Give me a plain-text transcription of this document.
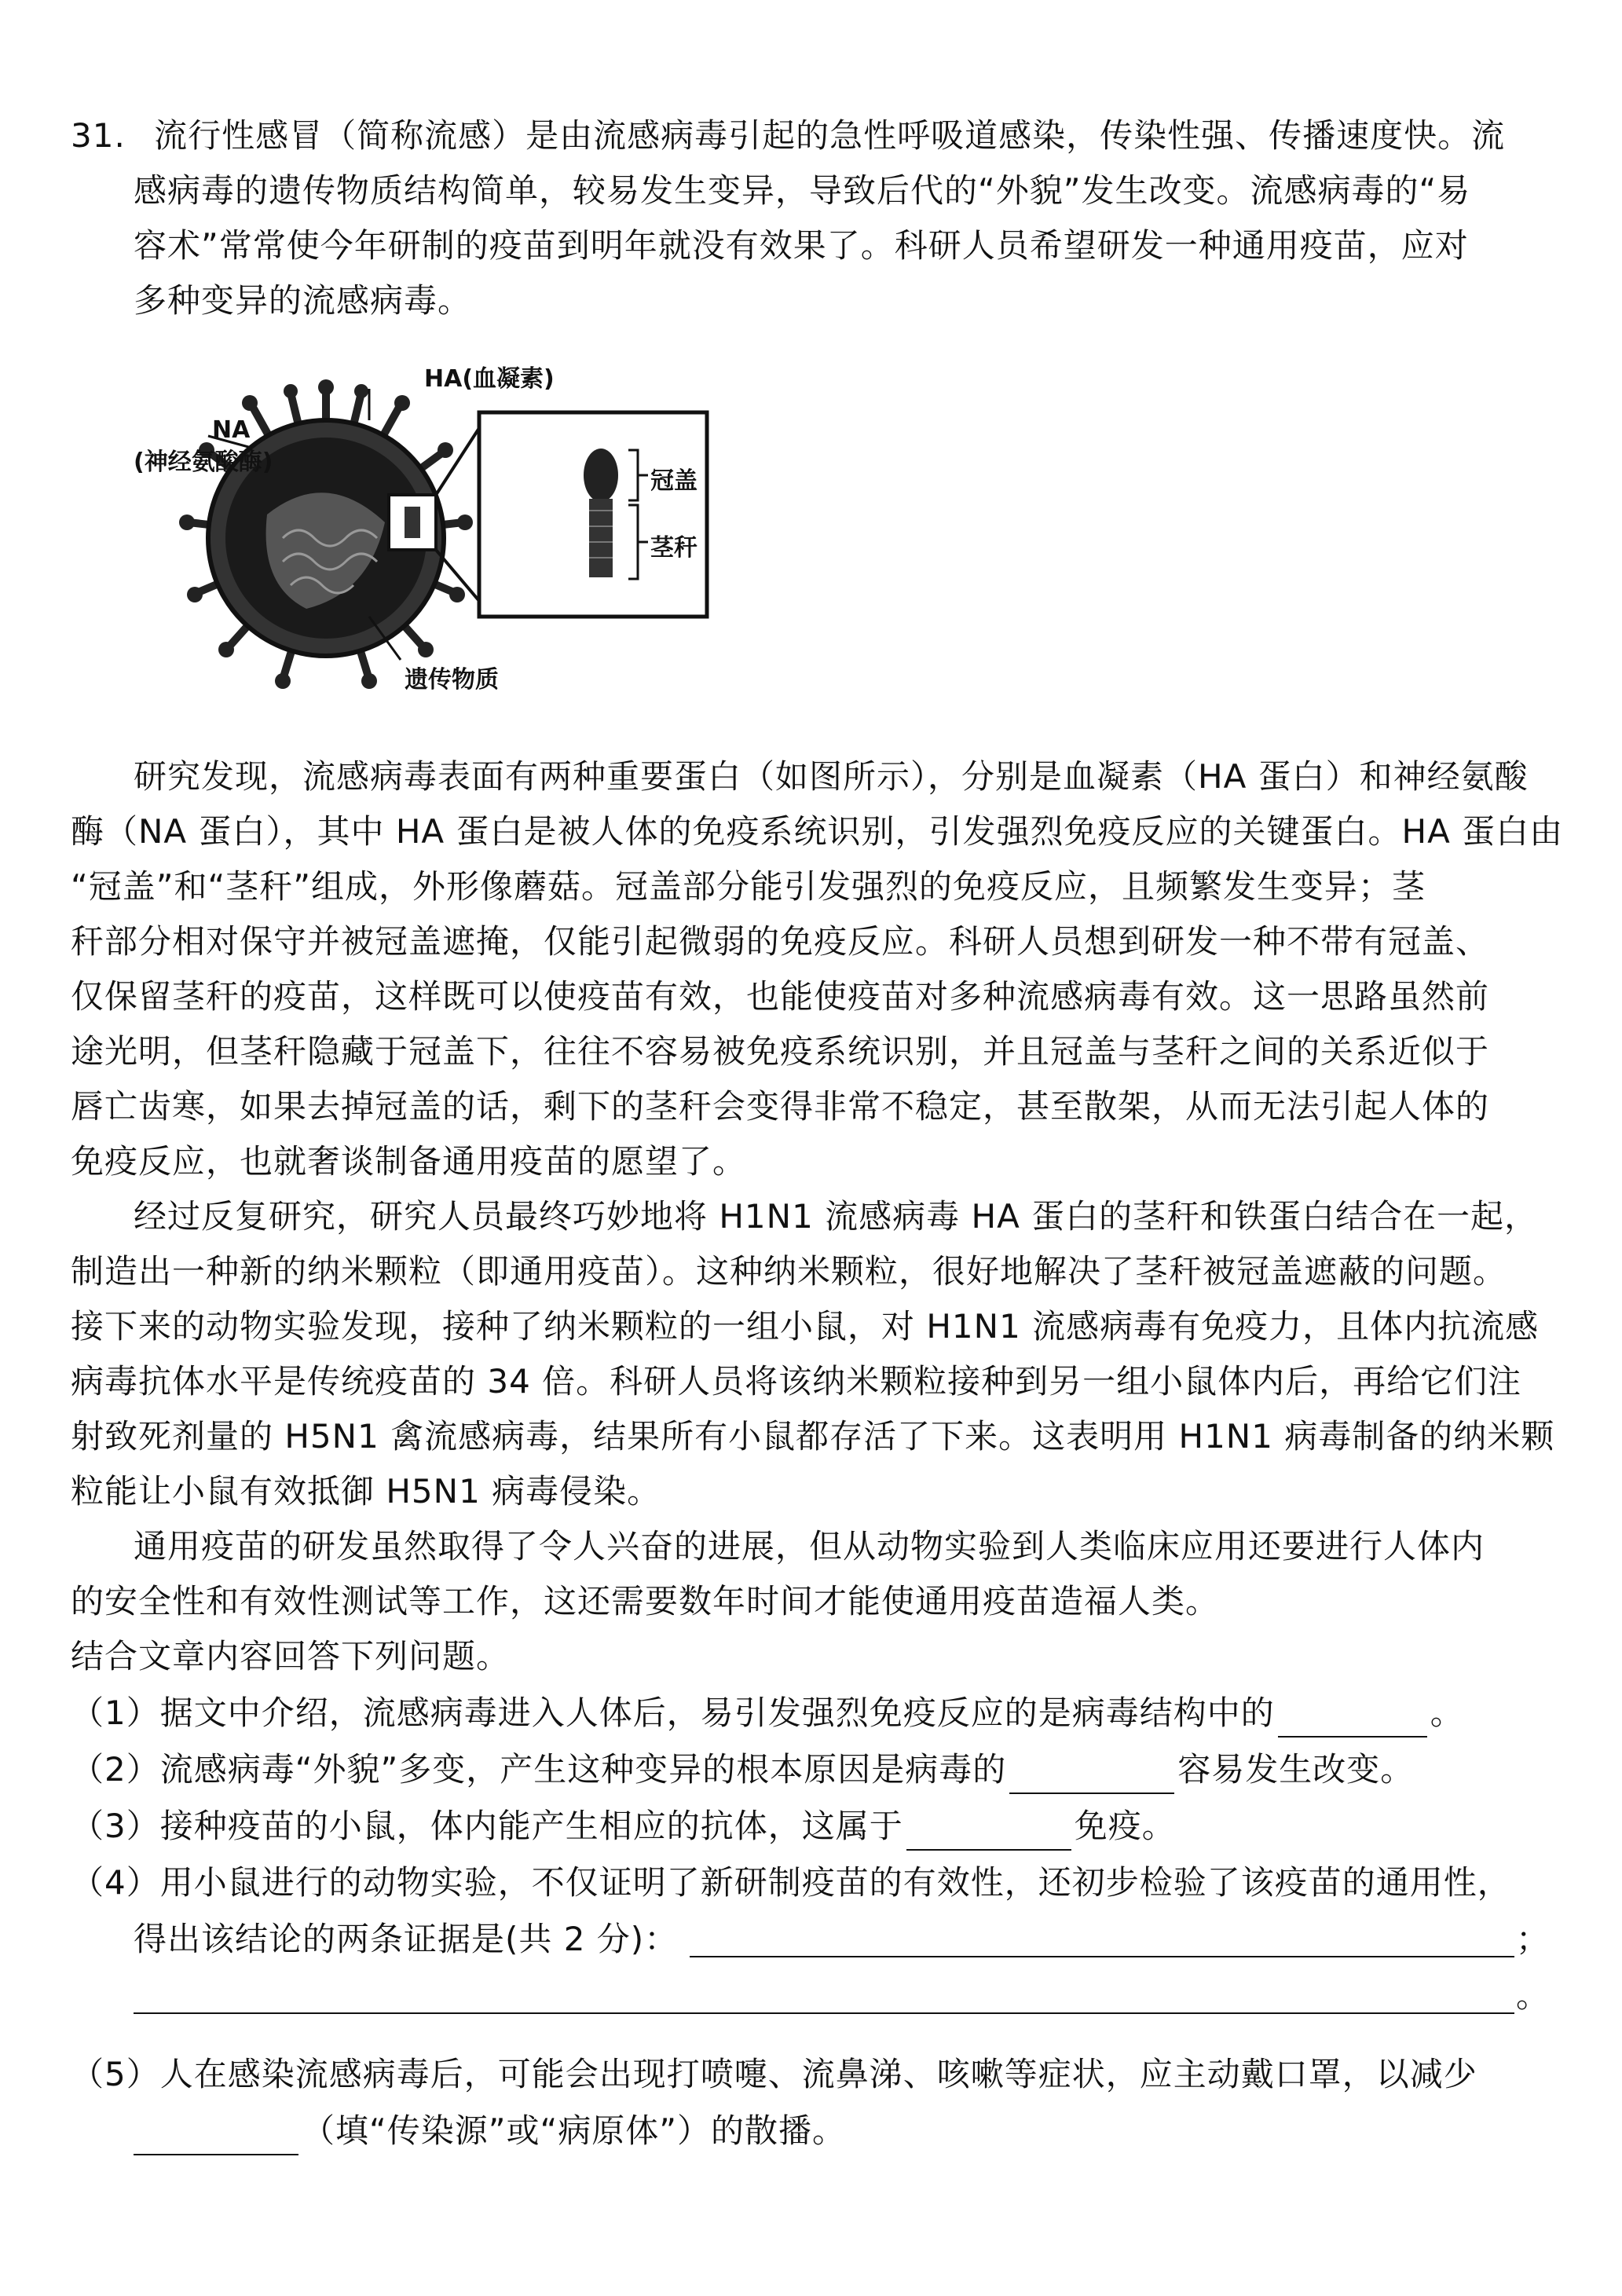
31. 流行性感冒（简称流感）是由流感病毒引起的急性呼吸道感染，传染性强、传播速度快。流
感病毒的遗传物质结构简单，较易发生变异，导致后代的“外貌”发生改变。流感病毒的“易
容术”常常使今年研制的疫苗到明年就没有效果了。科研人员希望研发一种通用疫苗，应对
多种变异的流感病毒。
HA(血凝素)
NA
(神经氨酸酶)
冠盖
茎秆
遗传物质
研究发现，流感病毒表面有两种重要蛋白（如图所示），分别是血凝素（HA 蛋白）和神经氨酸
酶（NA 蛋白），其中 HA 蛋白是被人体的免疫系统识别，引发强烈免疫反应的关键蛋白。HA 蛋白由
“冠盖”和“茎秆”组成，外形像蘑菇。冠盖部分能引发强烈的免疫反应，且频繁发生变异；茎
秆部分相对保守并被冠盖遮掩，仅能引起微弱的免疫反应。科研人员想到研发一种不带有冠盖、
仅保留茎秆的疫苗，这样既可以使疫苗有效，也能使疫苗对多种流感病毒有效。这一思路虽然前
途光明，但茎秆隐藏于冠盖下，往往不容易被免疫系统识别，并且冠盖与茎秆之间的关系近似于
唇亡齿寒，如果去掉冠盖的话，剩下的茎秆会变得非常不稳定，甚至散架，从而无法引起人体的
免疫反应，也就奢谈制备通用疫苗的愿望了。
经过反复研究，研究人员最终巧妙地将 H1N1 流感病毒 HA 蛋白的茎秆和铁蛋白结合在一起，
制造出一种新的纳米颗粒（即通用疫苗）。这种纳米颗粒，很好地解决了茎秆被冠盖遮蔽的问题。
接下来的动物实验发现，接种了纳米颗粒的一组小鼠，对 H1N1 流感病毒有免疫力，且体内抗流感
病毒抗体水平是传统疫苗的 34 倍。科研人员将该纳米颗粒接种到另一组小鼠体内后，再给它们注
射致死剂量的 H5N1 禽流感病毒，结果所有小鼠都存活了下来。这表明用 H1N1 病毒制备的纳米颗
粒能让小鼠有效抵御 H5N1 病毒侵染。
通用疫苗的研发虽然取得了令人兴奋的进展，但从动物实验到人类临床应用还要进行人体内
的安全性和有效性测试等工作，这还需要数年时间才能使通用疫苗造福人类。
结合文章内容回答下列问题。
（1）据文中介绍，流感病毒进入人体后，易引发强烈免疫反应的是病毒结构中的	。
（2）流感病毒“外貌”多变，产生这种变异的根本原因是病毒的	容易发生改变。
（3）接种疫苗的小鼠，体内能产生相应的抗体，这属于	免疫。
（4）用小鼠进行的动物实验，不仅证明了新研制疫苗的有效性，还初步检验了该疫苗的通用性，
得出该结论的两条证据是(共 2 分)：	；
。
（5）人在感染流感病毒后，可能会出现打喷嚏、流鼻涕、咳嗽等症状，应主动戴口罩，以减少
（填“传染源”或“病原体”）的散播。
